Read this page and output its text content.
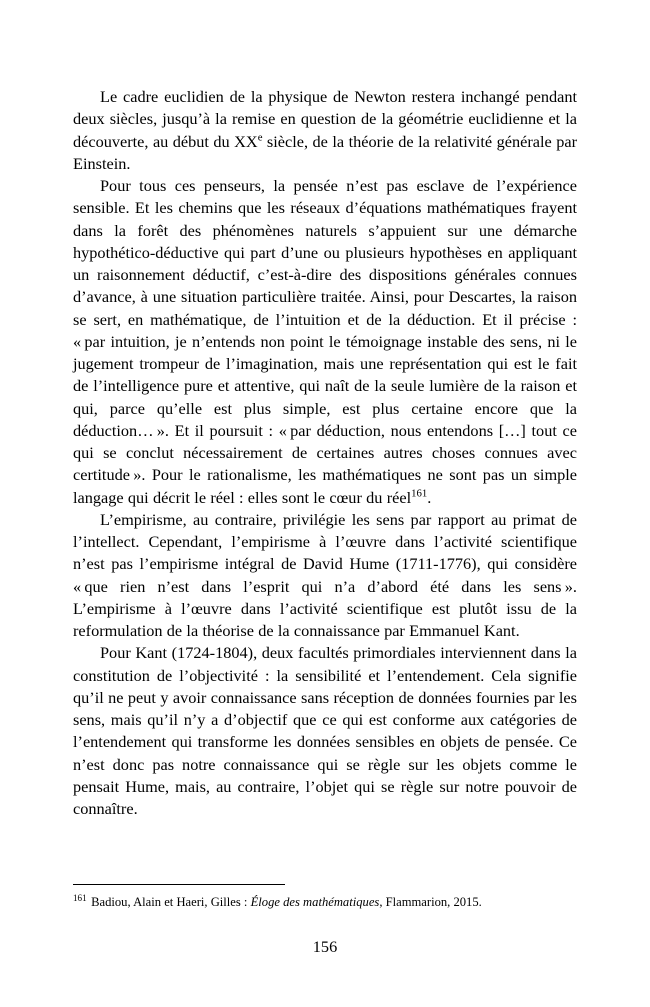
Le cadre euclidien de la physique de Newton restera inchangé pendant deux siècles, jusqu’à la remise en question de la géométrie euclidienne et la découverte, au début du XXe siècle, de la théorie de la relativité générale par Einstein.

Pour tous ces penseurs, la pensée n’est pas esclave de l’expérience sensible. Et les chemins que les réseaux d’équations mathématiques frayent dans la forêt des phénomènes naturels s’appuient sur une démarche hypothético-déductive qui part d’une ou plusieurs hypothèses en appliquant un raisonnement déductif, c’est-à-dire des dispositions générales connues d’avance, à une situation particulière traitée. Ainsi, pour Descartes, la raison se sert, en mathématique, de l’intuition et de la déduction. Et il précise : « par intuition, je n’entends non point le témoignage instable des sens, ni le jugement trompeur de l’imagination, mais une représentation qui est le fait de l’intelligence pure et attentive, qui naît de la seule lumière de la raison et qui, parce qu’elle est plus simple, est plus certaine encore que la déduction… ». Et il poursuit : « par déduction, nous entendons […] tout ce qui se conclut nécessairement de certaines autres choses connues avec certitude ». Pour le rationalisme, les mathématiques ne sont pas un simple langage qui décrit le réel : elles sont le cœur du réel$^{161}$.

L’empirisme, au contraire, privilégie les sens par rapport au primat de l’intellect. Cependant, l’empirisme à l’œuvre dans l’activité scientifique n’est pas l’empirisme intégral de David Hume (1711-1776), qui considère « que rien n’est dans l’esprit qui n’a d’abord été dans les sens ». L’empirisme à l’œuvre dans l’activité scientifique est plutôt issu de la reformulation de la théorise de la connaissance par Emmanuel Kant.

Pour Kant (1724-1804), deux facultés primordiales interviennent dans la constitution de l’objectivité : la sensibilité et l’entendement. Cela signifie qu’il ne peut y avoir connaissance sans réception de données fournies par les sens, mais qu’il n’y a d’objectif que ce qui est conforme aux catégories de l’entendement qui transforme les données sensibles en objets de pensée. Ce n’est donc pas notre connaissance qui se règle sur les objets comme le pensait Hume, mais, au contraire, l’objet qui se règle sur notre pouvoir de connaître.

$^{161}$ Badiou, Alain et Haeri, Gilles : Éloge des mathématiques, Flammarion, 2015.

156
